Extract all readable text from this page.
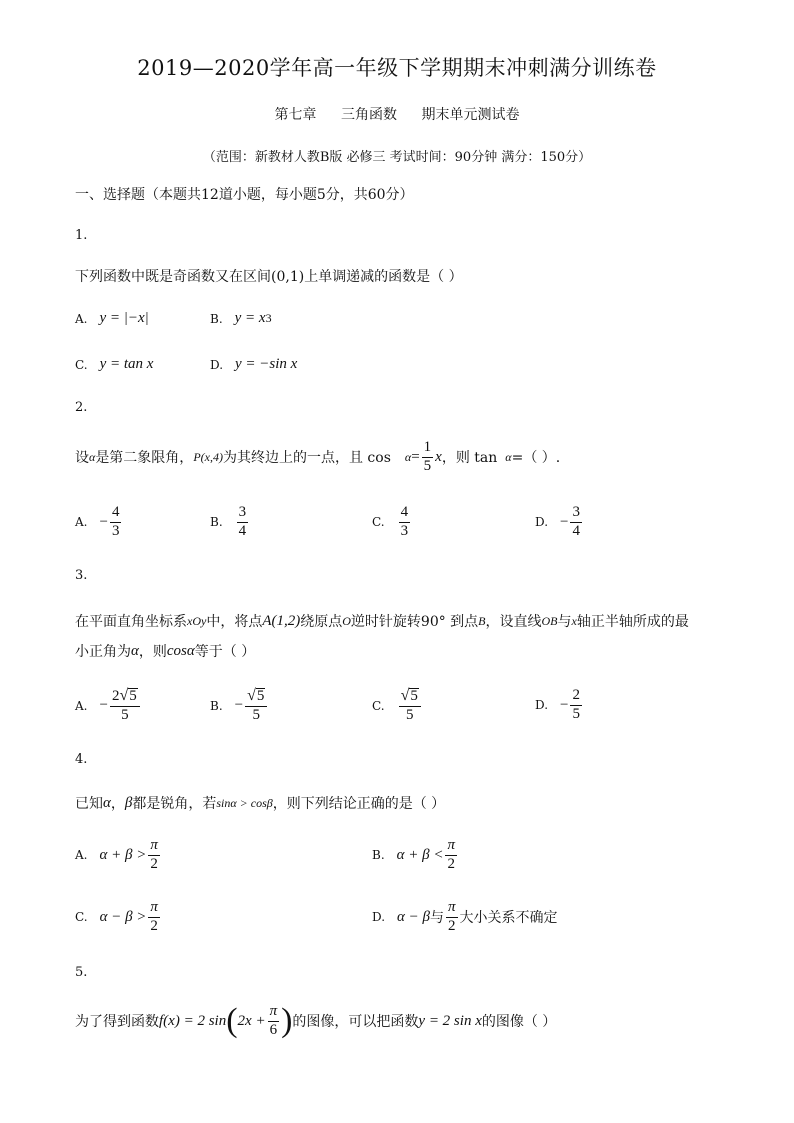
2019—2020学年高一年级下学期期末冲刺满分训练卷
第七章 三角函数 期末单元测试卷
（范围：新教材人教B版 必修三 考试时间：90分钟 满分：150分）
一、选择题（本题共12道小题，每小题5分，共60分）
1.
下列函数中既是奇函数又在区间(0,1)上单调递减的函数是（ ）
A. y = |−x|	B. y = x 3
C. y = tan x	D. y = −sin x
2.
设 α 是第二象限角， P(x,4) 为其终边上的一点，且 $\cos \alpha = \frac{1}{5}$ x ，则 tan α =（ ）.
A. − $\frac{4}{3}$	B. $\frac{3}{4}$	C. $\frac{4}{3}$	D. − $\frac{3}{4}$
3.
在平面直角坐标系 xOy 中，将点 A(1,2) 绕原点 O 逆时针旋转90° 到点 B ，设直线 OB 与 x 轴正半轴所成的最
小正角为 α ，则 cosα 等于（ ）
A. − $\frac{2 √ 5}{5}$	B. − $\frac{√ 5}{5}$	C. $\frac{√ 5}{5}$	D. − $\frac{2}{5}$
4.
已知 α ， β 都是锐角，若 sinα > cosβ ，则下列结论正确的是（ ）
A. $\alpha + \beta > \frac{\pi}{2}$	B. $\alpha + \beta < \frac{\pi}{2}$
C. $\alpha - \beta > \frac{\pi}{2}$	D. α − β 与 $\frac{\pi}{2}$ 大小关系不确定
5.
为了得到函数 f(x) = 2 sin ( $2x + \frac{\pi}{6}$ ) 的图像，可以把函数 y = 2 sin x 的图像（ ）
